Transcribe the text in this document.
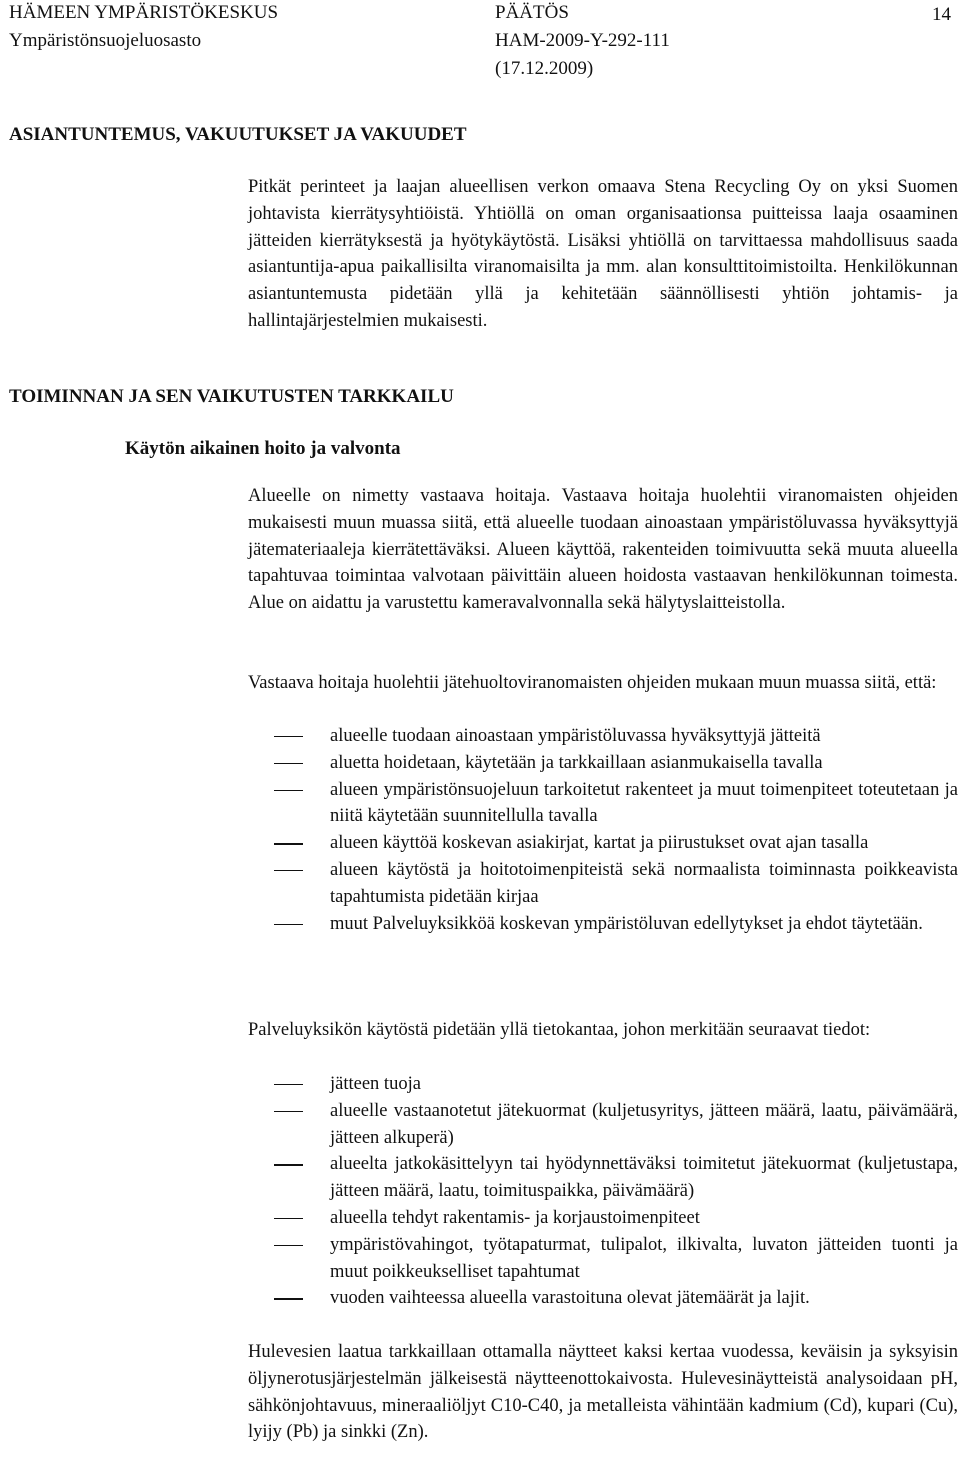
HÄMEEN YMPÄRISTÖKESKUS
Ympäristönsuojeluosasto
PÄÄTÖS
HAM-2009-Y-292-111
(17.12.2009)
14
ASIANTUNTEMUS, VAKUUTUKSET JA VAKUUDET

Pitkät perinteet ja laajan alueellisen verkon omaava Stena Recycling Oy on yksi Suomen johtavista kierrätysyhtiöistä. Yhtiöllä on oman organisaationsa puitteissa laaja osaaminen jätteiden kierrätyksestä ja hyötykäytöstä. Lisäksi yhtiöllä on tarvittaessa mahdollisuus saada asiantuntija-apua paikallisilta viranomaisilta ja mm. alan konsulttitoimistoilta. Henkilökunnan asiantuntemusta pidetään yllä ja kehitetään säännöllisesti yhtiön johtamis- ja hallintajärjestelmien mukaisesti.

TOIMINNAN JA SEN VAIKUTUSTEN TARKKAILU
Käytön aikainen hoito ja valvonta

Alueelle on nimetty vastaava hoitaja. Vastaava hoitaja huolehtii viranomaisten ohjeiden mukaisesti muun muassa siitä, että alueelle tuodaan ainoastaan ympäristöluvassa hyväksyttyjä jätemateriaaleja kierrätettäväksi. Alueen käyttöä, rakenteiden toimivuutta sekä muuta alueella tapahtuvaa toimintaa valvotaan päivittäin alueen hoidosta vastaavan henkilökunnan toimesta. Alue on aidattu ja varustettu kameravalvonnalla sekä hälytyslaitteistolla.

Vastaava hoitaja huolehtii jätehuoltoviranomaisten ohjeiden mukaan muun muassa siitä, että:

alueelle tuodaan ainoastaan ympäristöluvassa hyväksyttyjä jätteitä
aluetta hoidetaan, käytetään ja tarkkaillaan asianmukaisella tavalla
alueen ympäristönsuojeluun tarkoitetut rakenteet ja muut toimenpiteet toteutetaan ja niitä käytetään suunnitellulla tavalla
alueen käyttöä koskevan asiakirjat, kartat ja piirustukset ovat ajan tasalla
alueen käytöstä ja hoitotoimenpiteistä sekä normaalista toiminnasta poikkeavista tapahtumista pidetään kirjaa
muut Palveluyksikköä koskevan ympäristöluvan edellytykset ja ehdot täytetään.

Palveluyksikön käytöstä pidetään yllä tietokantaa, johon merkitään seuraavat tiedot:

jätteen tuoja
alueelle vastaanotetut jätekuormat (kuljetusyritys, jätteen määrä, laatu, päivämäärä, jätteen alkuperä)
alueelta jatkokäsittelyyn tai hyödynnettäväksi toimitetut jätekuormat (kuljetustapa, jätteen määrä, laatu, toimituspaikka, päivämäärä)
alueella tehdyt rakentamis- ja korjaustoimenpiteet
ympäristövahingot, työtapaturmat, tulipalot, ilkivalta, luvaton jätteiden tuonti ja muut poikkeukselliset tapahtumat
vuoden vaihteessa alueella varastoituna olevat jätemäärät ja lajit.

Hulevesien laatua tarkkaillaan ottamalla näytteet kaksi kertaa vuodessa, keväisin ja syksyisin öljynerotusjärjestelmän jälkeisestä näytteenottokaivosta. Hulevesinäytteistä analysoidaan pH, sähkönjohtavuus, mineraaliöljyt C10-C40, ja metalleista vähintään kadmium (Cd), kupari (Cu), lyijy (Pb) ja sinkki (Zn).
